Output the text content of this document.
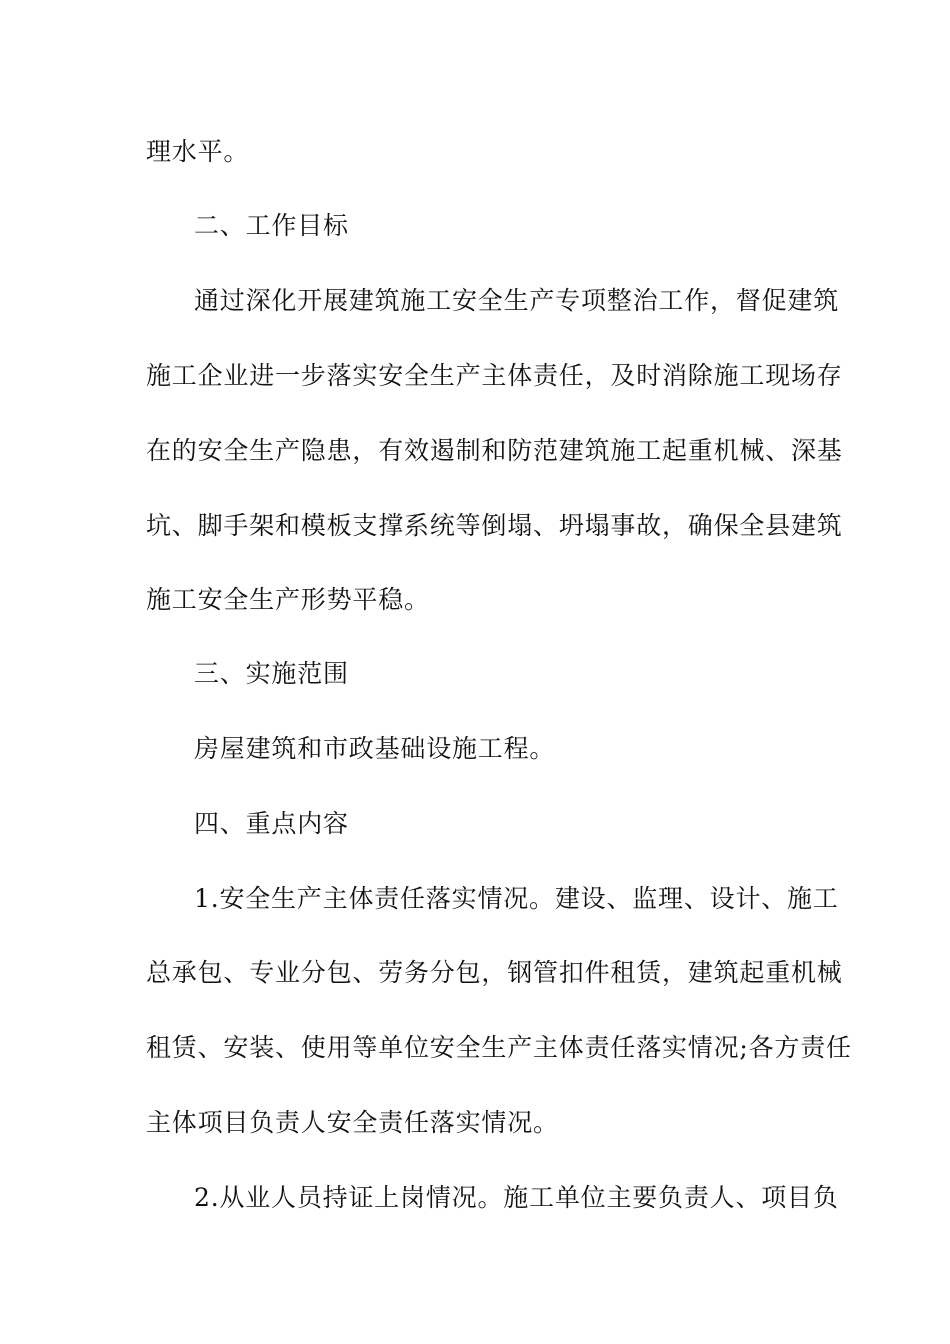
理水平。
二、工作目标
通过深化开展建筑施工安全生产专项整治工作，督促建筑
施工企业进一步落实安全生产主体责任，及时消除施工现场存
在的安全生产隐患，有效遏制和防范建筑施工起重机械、深基
坑、脚手架和模板支撑系统等倒塌、坍塌事故，确保全县建筑
施工安全生产形势平稳。
三、实施范围
房屋建筑和市政基础设施工程。
四、重点内容
1.安全生产主体责任落实情况。建设、监理、设计、施工
总承包、专业分包、劳务分包，钢管扣件租赁，建筑起重机械
租赁、安装、使用等单位安全生产主体责任落实情况;各方责任
主体项目负责人安全责任落实情况。
2.从业人员持证上岗情况。施工单位主要负责人、项目负
